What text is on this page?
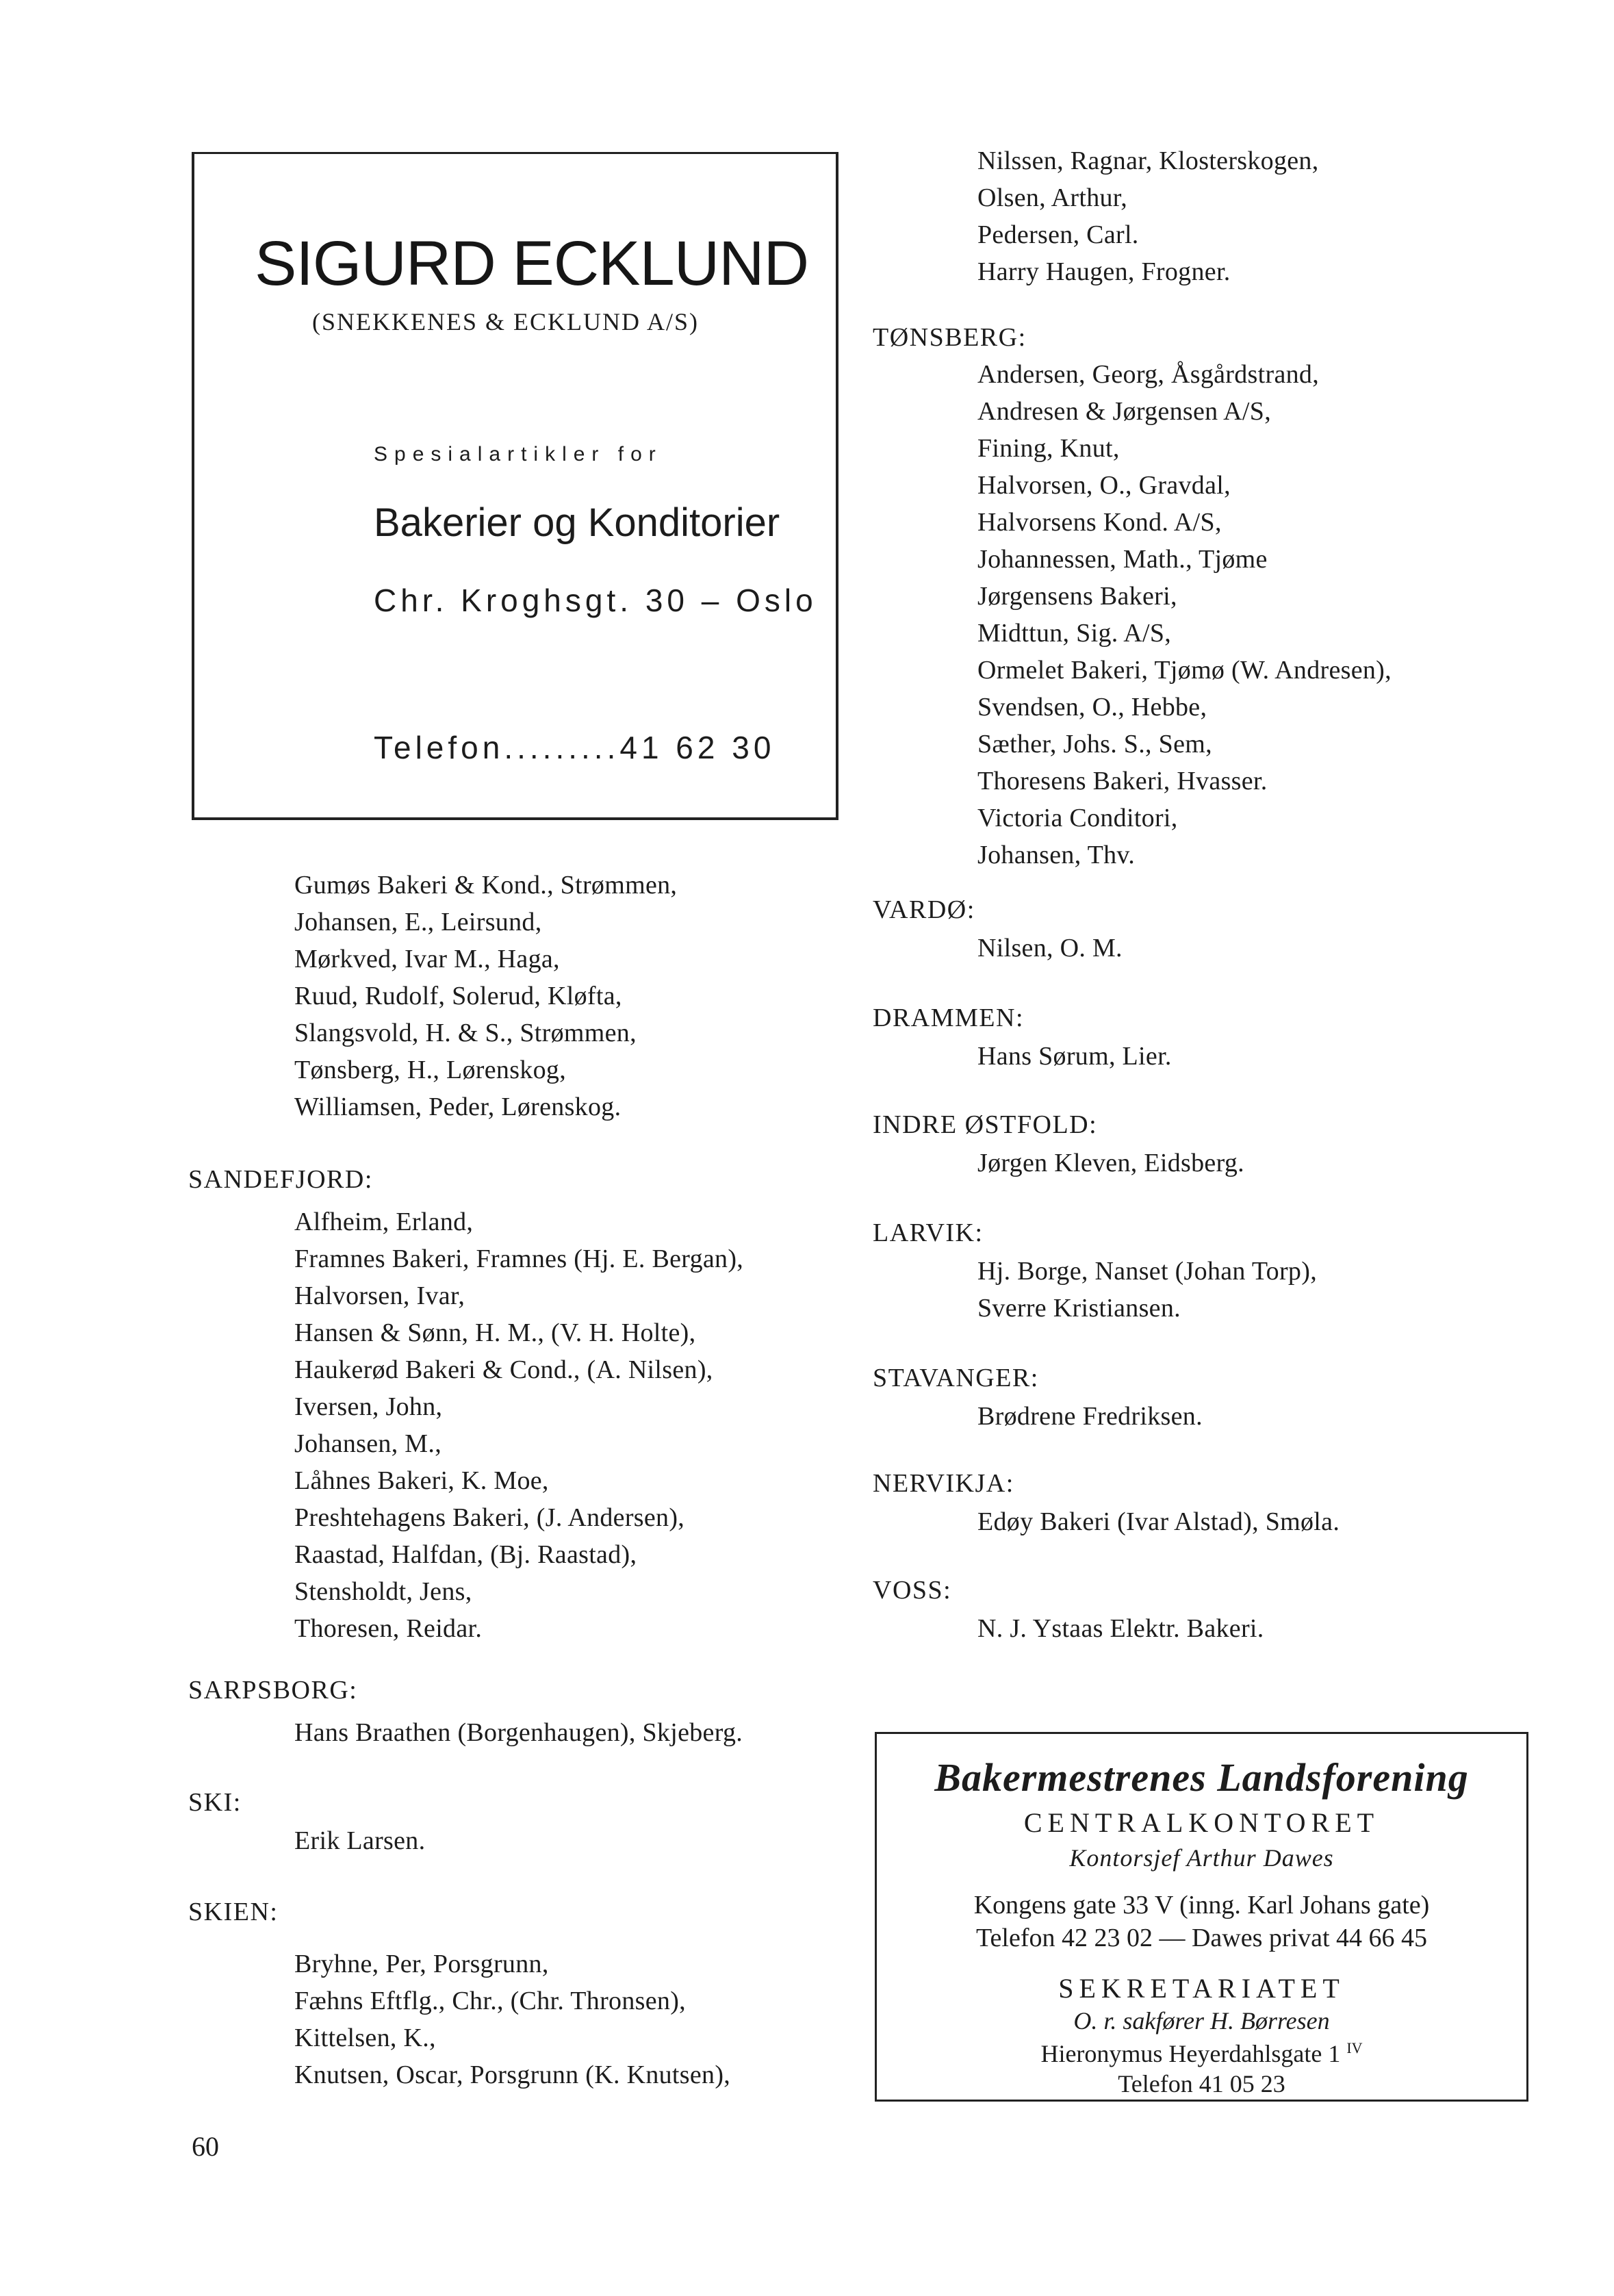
SIGURD ECKLUND
(SNEKKENES & ECKLUND A/S)
Spesialartikler for
Bakerier og Konditorier
Chr. Kroghsgt. 30 – Oslo
Telefon.........41 62 30
Gumøs Bakeri & Kond., Strømmen,
Johansen, E., Leirsund,
Mørkved, Ivar M., Haga,
Ruud, Rudolf, Solerud, Kløfta,
Slangsvold, H. & S., Strømmen,
Tønsberg, H., Lørenskog,
Williamsen, Peder, Lørenskog.
SANDEFJORD:
Alfheim, Erland,
Framnes Bakeri, Framnes (Hj. E. Bergan),
Halvorsen, Ivar,
Hansen & Sønn, H. M., (V. H. Holte),
Haukerød Bakeri & Cond., (A. Nilsen),
Iversen, John,
Johansen, M.,
Låhnes Bakeri, K. Moe,
Preshtehagens Bakeri, (J. Andersen),
Raastad, Halfdan, (Bj. Raastad),
Stensholdt, Jens,
Thoresen, Reidar.
SARPSBORG:
Hans Braathen (Borgenhaugen), Skjeberg.
SKI:
Erik Larsen.
SKIEN:
Bryhne, Per, Porsgrunn,
Fæhns Eftflg., Chr., (Chr. Thronsen),
Kittelsen, K.,
Knutsen, Oscar, Porsgrunn (K. Knutsen),
Nilssen, Ragnar, Klosterskogen,
Olsen, Arthur,
Pedersen, Carl.
Harry Haugen, Frogner.
TØNSBERG:
Andersen, Georg, Åsgårdstrand,
Andresen & Jørgensen A/S,
Fining, Knut,
Halvorsen, O., Gravdal,
Halvorsens Kond. A/S,
Johannessen, Math., Tjøme
Jørgensens Bakeri,
Midttun, Sig. A/S,
Ormelet Bakeri, Tjømø (W. Andresen),
Svendsen, O., Hebbe,
Sæther, Johs. S., Sem,
Thoresens Bakeri, Hvasser.
Victoria Conditori,
Johansen, Thv.
VARDØ:
Nilsen, O. M.
DRAMMEN:
Hans Sørum, Lier.
INDRE ØSTFOLD:
Jørgen Kleven, Eidsberg.
LARVIK:
Hj. Borge, Nanset (Johan Torp),
Sverre Kristiansen.
STAVANGER:
Brødrene Fredriksen.
NERVIKJA:
Edøy Bakeri (Ivar Alstad), Smøla.
VOSS:
N. J. Ystaas Elektr. Bakeri.
Bakermestrenes Landsforening
CENTRALKONTORET
Kontorsjef Arthur Dawes
Kongens gate 33 V (inng. Karl Johans gate)
Telefon 42 23 02 — Dawes privat 44 66 45
SEKRETARIATET
O. r. sakfører H. Børresen
Hieronymus Heyerdahlsgate 1 $^{IV}$
Telefon 41 05 23
60
